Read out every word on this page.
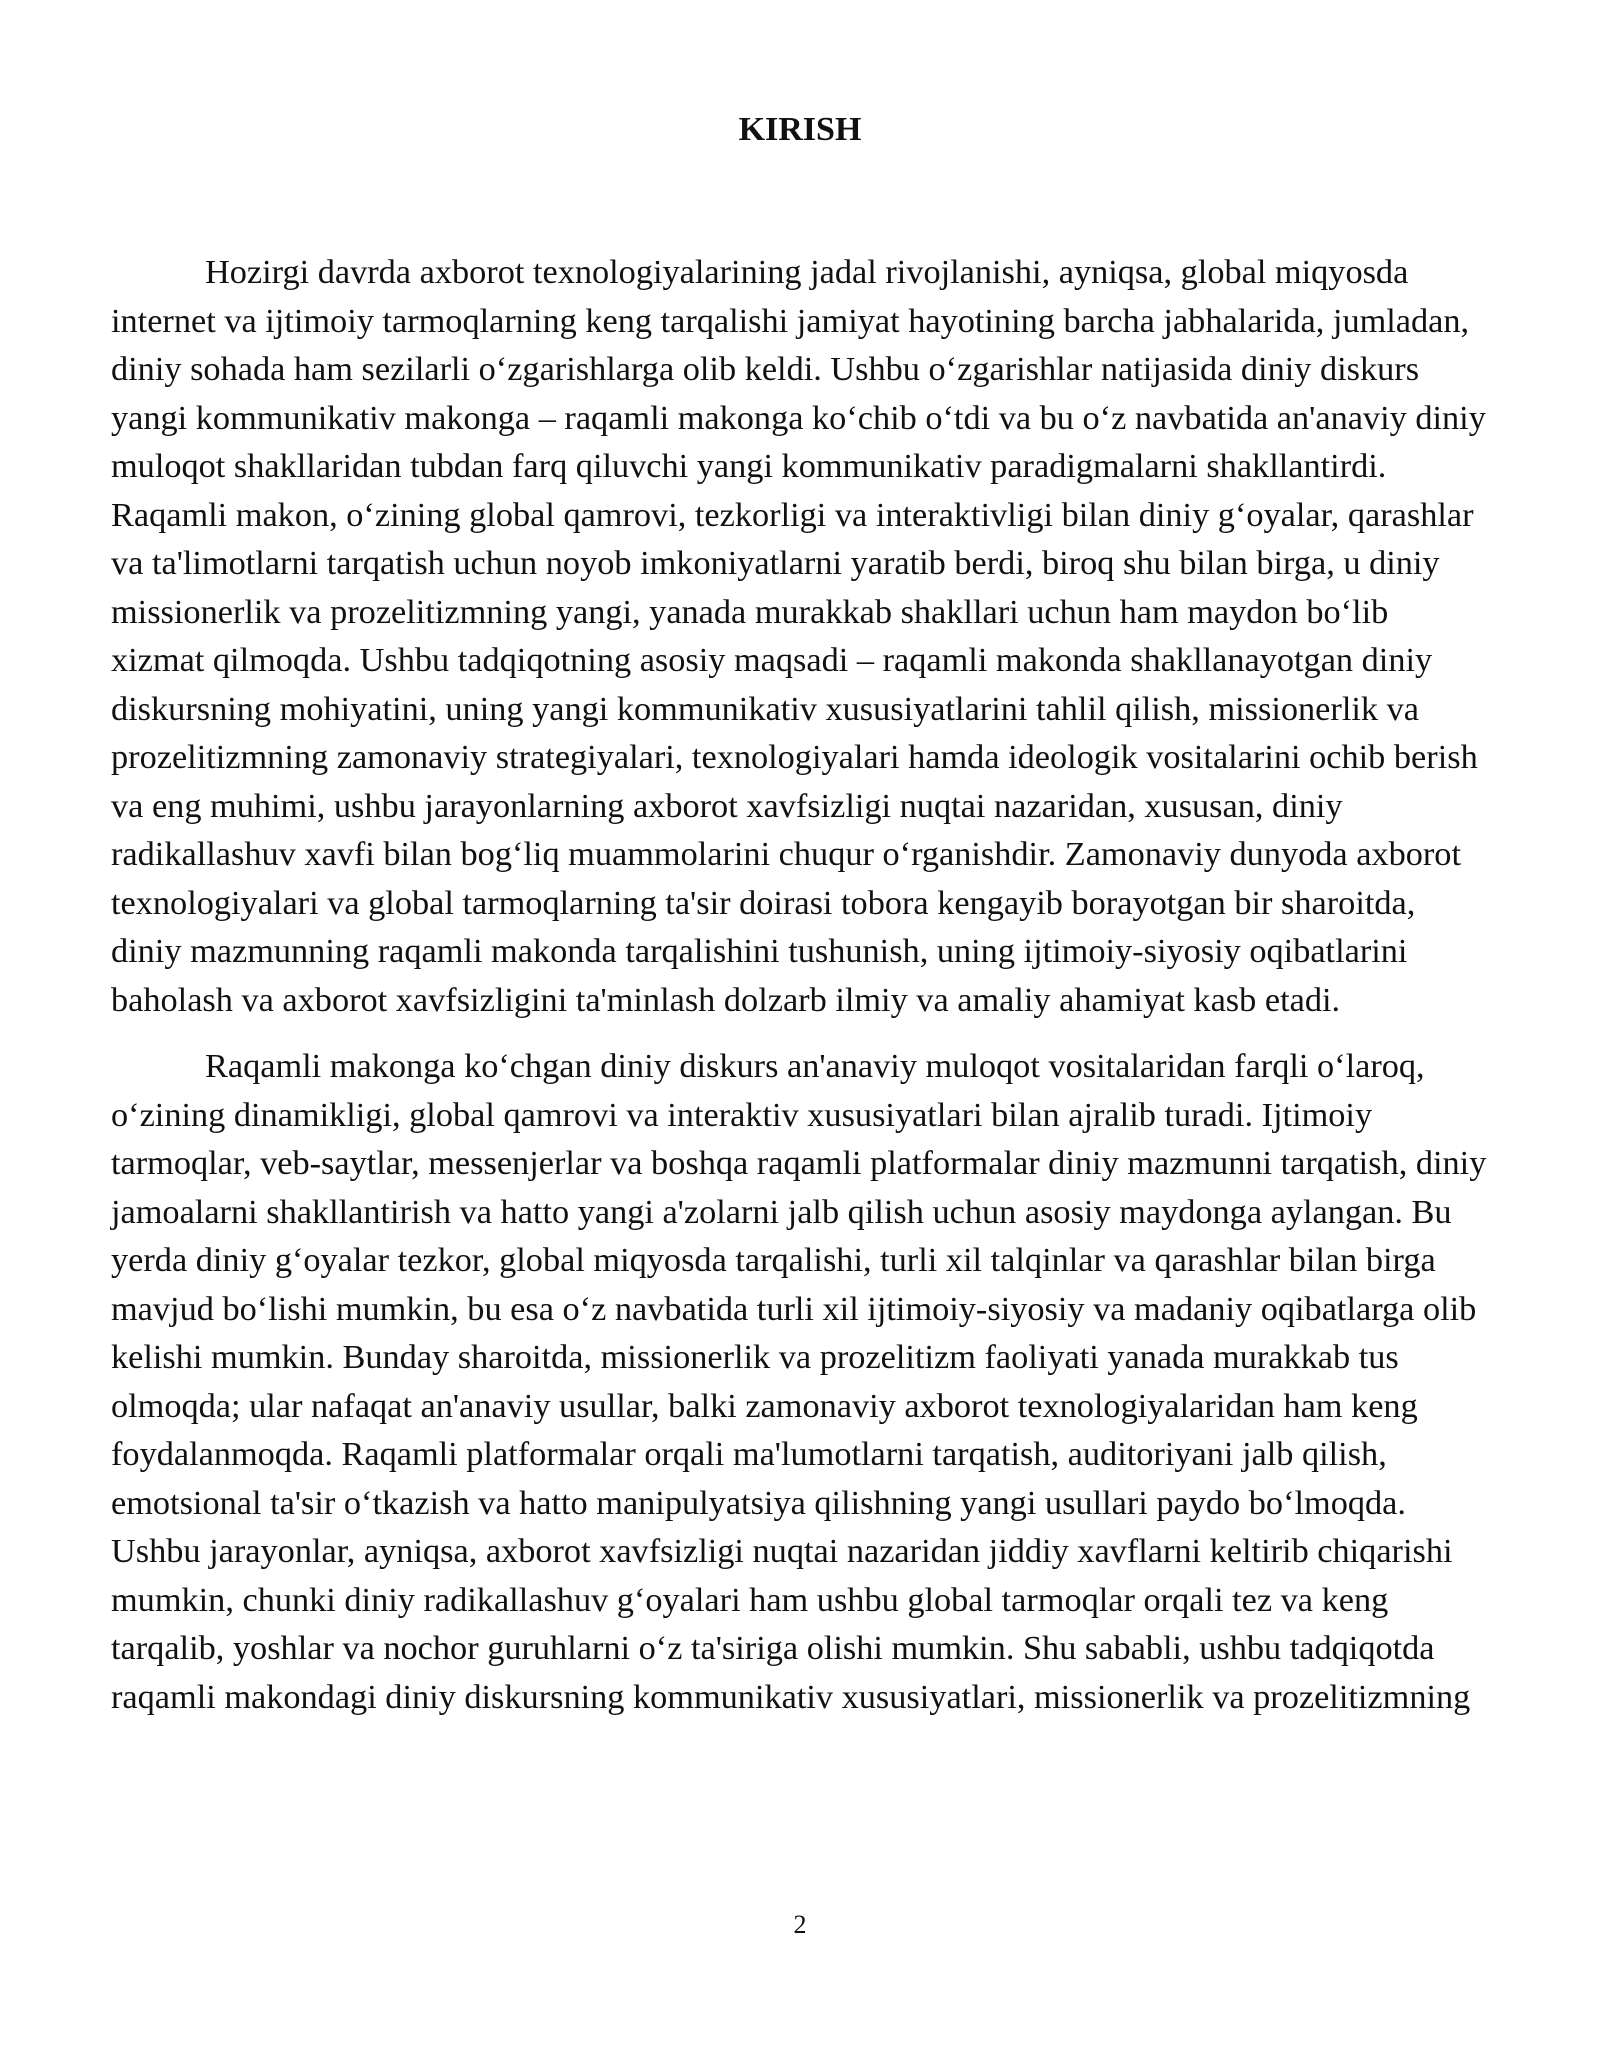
KIRISH

Hozirgi davrda axborot texnologiyalarining jadal rivojlanishi, ayniqsa, global miqyosda internet va ijtimoiy tarmoqlarning keng tarqalishi jamiyat hayotining barcha jabhalarida, jumladan, diniy sohada ham sezilarli o‘zgarishlarga olib keldi. Ushbu o‘zgarishlar natijasida diniy diskurs yangi kommunikativ makonga – raqamli makonga ko‘chib o‘tdi va bu o‘z navbatida an'anaviy diniy muloqot shakllaridan tubdan farq qiluvchi yangi kommunikativ paradigmalarni shakllantirdi. Raqamli makon, o‘zining global qamrovi, tezkorligi va interaktivligi bilan diniy g‘oyalar, qarashlar va ta'limotlarni tarqatish uchun noyob imkoniyatlarni yaratib berdi, biroq shu bilan birga, u diniy missionerlik va prozelitizmning yangi, yanada murakkab shakllari uchun ham maydon bo‘lib xizmat qilmoqda. Ushbu tadqiqotning asosiy maqsadi – raqamli makonda shakllanayotgan diniy diskursning mohiyatini, uning yangi kommunikativ xususiyatlarini tahlil qilish, missionerlik va prozelitizmning zamonaviy strategiyalari, texnologiyalari hamda ideologik vositalarini ochib berish va eng muhimi, ushbu jarayonlarning axborot xavfsizligi nuqtai nazaridan, xususan, diniy radikallashuv xavfi bilan bog‘liq muammolarini chuqur o‘rganishdir. Zamonaviy dunyoda axborot texnologiyalari va global tarmoqlarning ta'sir doirasi tobora kengayib borayotgan bir sharoitda, diniy mazmunning raqamli makonda tarqalishini tushunish, uning ijtimoiy-siyosiy oqibatlarini baholash va axborot xavfsizligini ta'minlash dolzarb ilmiy va amaliy ahamiyat kasb etadi.

Raqamli makonga ko‘chgan diniy diskurs an'anaviy muloqot vositalaridan farqli o‘laroq, o‘zining dinamikligi, global qamrovi va interaktiv xususiyatlari bilan ajralib turadi. Ijtimoiy tarmoqlar, veb-saytlar, messenjerlar va boshqa raqamli platformalar diniy mazmunni tarqatish, diniy jamoalarni shakllantirish va hatto yangi a'zolarni jalb qilish uchun asosiy maydonga aylangan. Bu yerda diniy g‘oyalar tezkor, global miqyosda tarqalishi, turli xil talqinlar va qarashlar bilan birga mavjud bo‘lishi mumkin, bu esa o‘z navbatida turli xil ijtimoiy-siyosiy va madaniy oqibatlarga olib kelishi mumkin. Bunday sharoitda, missionerlik va prozelitizm faoliyati yanada murakkab tus olmoqda; ular nafaqat an'anaviy usullar, balki zamonaviy axborot texnologiyalaridan ham keng foydalanmoqda. Raqamli platformalar orqali ma'lumotlarni tarqatish, auditoriyani jalb qilish, emotsional ta'sir o‘tkazish va hatto manipulyatsiya qilishning yangi usullari paydo bo‘lmoqda. Ushbu jarayonlar, ayniqsa, axborot xavfsizligi nuqtai nazaridan jiddiy xavflarni keltirib chiqarishi mumkin, chunki diniy radikallashuv g‘oyalari ham ushbu global tarmoqlar orqali tez va keng tarqalib, yoshlar va nochor guruhlarni o‘z ta'siriga olishi mumkin. Shu sababli, ushbu tadqiqotda raqamli makondagi diniy diskursning kommunikativ xususiyatlari, missionerlik va prozelitizmning

2
